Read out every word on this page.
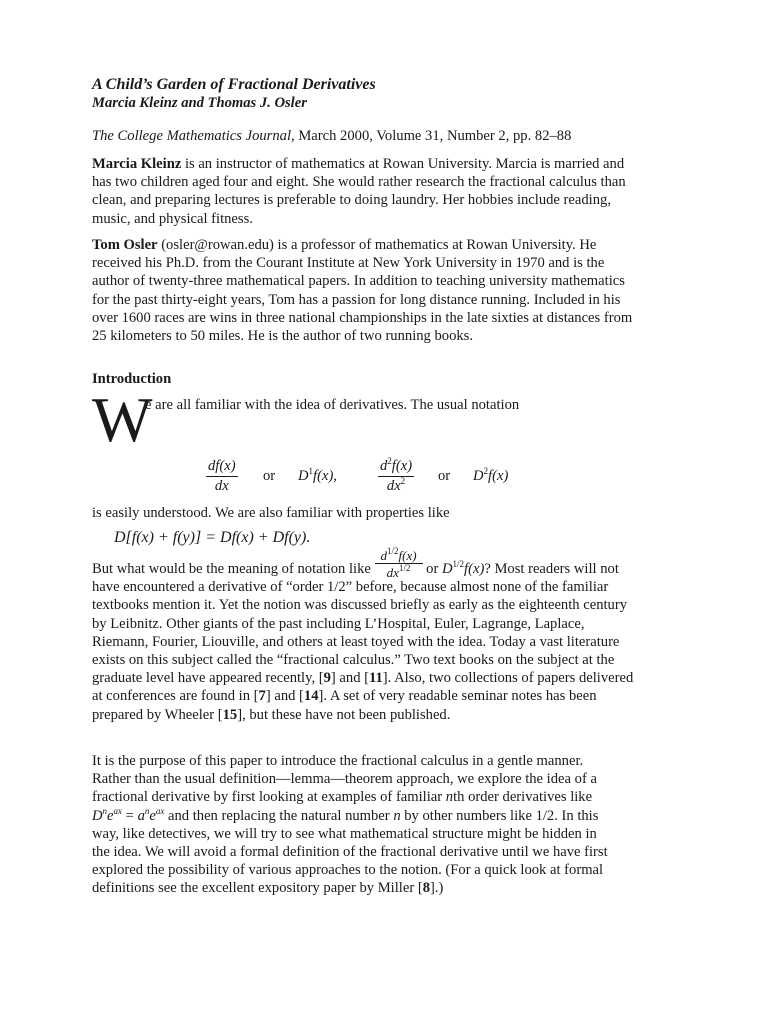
A Child’s Garden of Fractional Derivatives
Marcia Kleinz and Thomas J. Osler

The College Mathematics Journal, March 2000, Volume 31, Number 2, pp. 82–88

Marcia Kleinz is an instructor of mathematics at Rowan University. Marcia is married and has two children aged four and eight. She would rather research the fractional calculus than clean, and preparing lectures is preferable to doing laundry. Her hobbies include reading, music, and physical fitness.

Tom Osler (osler@rowan.edu) is a professor of mathematics at Rowan University. He received his Ph.D. from the Courant Institute at New York University in 1970 and is the author of twenty-three mathematical papers. In addition to teaching university mathematics for the past thirty-eight years, Tom has a passion for long distance running. Included in his over 1600 races are wins in three national championships in the late sixties at distances from 25 kilometers to 50 miles. He is the author of two running books.

Introduction
W

e are all familiar with the idea of derivatives. The usual notation

$\frac{df(x)}{dx}$ or $D^1f(x)$,	$\frac{d^2f(x)}{dx^2}$ or $D^2f(x)$

is easily understood. We are also familiar with properties like

D[f(x) + f(y)] = Df(x) + Df(y).

But what would be the meaning of notation like $\frac{d^{1/2}f(x)}{dx^{1/2}}$ or $D^{1/2}f(x)$? Most readers will not have encountered a derivative of “order 1/2” before, because almost none of the familiar textbooks mention it. Yet the notion was discussed briefly as early as the eighteenth century by Leibnitz. Other giants of the past including L’Hospital, Euler, Lagrange, Laplace, Riemann, Fourier, Liouville, and others at least toyed with the idea. Today a vast literature exists on this subject called the “fractional calculus.” Two text books on the subject at the graduate level have appeared recently, [9] and [11]. Also, two collections of papers delivered at conferences are found in [7] and [14]. A set of very readable seminar notes has been prepared by Wheeler [15], but these have not been published.

It is the purpose of this paper to introduce the fractional calculus in a gentle manner. Rather than the usual definition—lemma—theorem approach, we explore the idea of a fractional derivative by first looking at examples of familiar nth order derivatives like $D^ne^{ax} = a^ne^{ax}$ and then replacing the natural number n by other numbers like 1/2. In this way, like detectives, we will try to see what mathematical structure might be hidden in the idea. We will avoid a formal definition of the fractional derivative until we have first explored the possibility of various approaches to the notion. (For a quick look at formal definitions see the excellent expository paper by Miller [8].)
